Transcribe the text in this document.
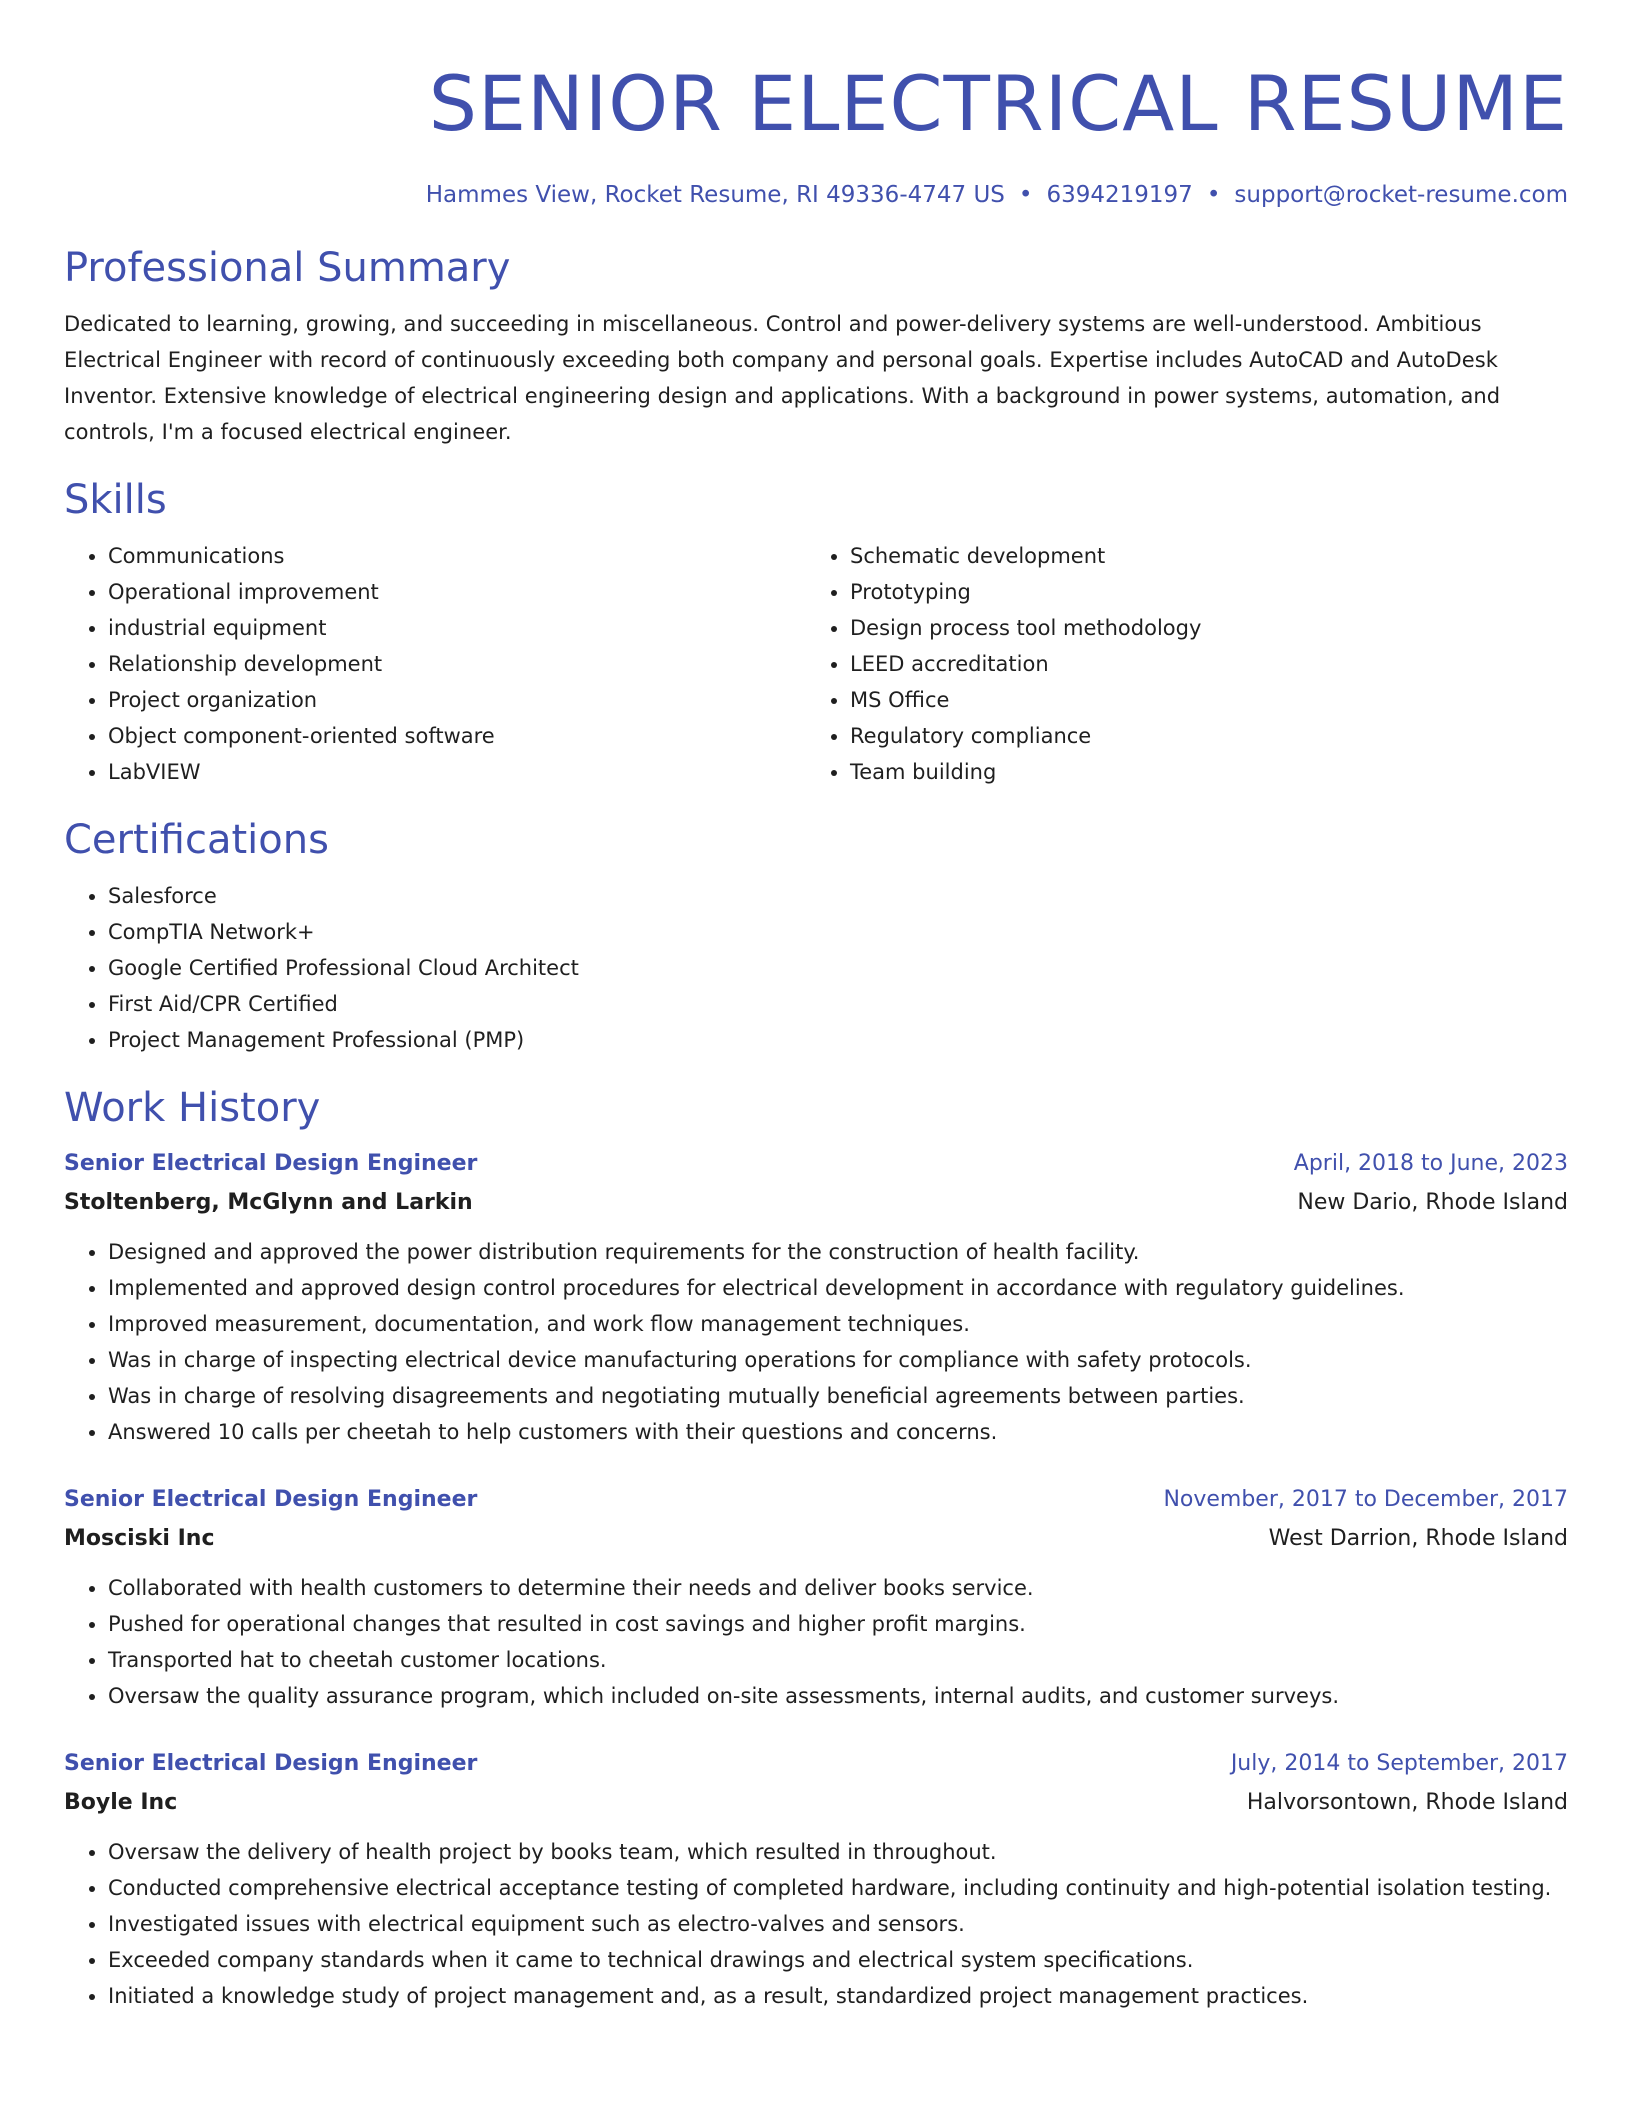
SENIOR ELECTRICAL RESUME
Hammes View, Rocket Resume, RI 49336-4747 US • 6394219197 • support@rocket-resume.com
Professional Summary

Dedicated to learning, growing, and succeeding in miscellaneous. Control and power-delivery systems are well-understood. Ambitious Electrical Engineer with record of continuously exceeding both company and personal goals. Expertise includes AutoCAD and AutoDesk Inventor. Extensive knowledge of electrical engineering design and applications. With a background in power systems, automation, and controls, I'm a focused electrical engineer.

Skills
• Communications
• Operational improvement
• industrial equipment
• Relationship development
• Project organization
• Object component-oriented software
• LabVIEW
• Schematic development
• Prototyping
• Design process tool methodology
• LEED accreditation
• MS Office
• Regulatory compliance
• Team building
Certifications
• Salesforce
• CompTIA Network+
• Google Certified Professional Cloud Architect
• First Aid/CPR Certified
• Project Management Professional (PMP)
Work History
Senior Electrical Design Engineer	April, 2018 to June, 2023
Stoltenberg, McGlynn and Larkin	New Dario, Rhode Island
• Designed and approved the power distribution requirements for the construction of health facility.
• Implemented and approved design control procedures for electrical development in accordance with regulatory guidelines.
• Improved measurement, documentation, and work flow management techniques.
• Was in charge of inspecting electrical device manufacturing operations for compliance with safety protocols.
• Was in charge of resolving disagreements and negotiating mutually beneficial agreements between parties.
• Answered 10 calls per cheetah to help customers with their questions and concerns.
Senior Electrical Design Engineer	November, 2017 to December, 2017
Mosciski Inc	West Darrion, Rhode Island
• Collaborated with health customers to determine their needs and deliver books service.
• Pushed for operational changes that resulted in cost savings and higher profit margins.
• Transported hat to cheetah customer locations.
• Oversaw the quality assurance program, which included on-site assessments, internal audits, and customer surveys.
Senior Electrical Design Engineer	July, 2014 to September, 2017
Boyle Inc	Halvorsontown, Rhode Island
• Oversaw the delivery of health project by books team, which resulted in throughout.
• Conducted comprehensive electrical acceptance testing of completed hardware, including continuity and high-potential isolation testing.
• Investigated issues with electrical equipment such as electro-valves and sensors.
• Exceeded company standards when it came to technical drawings and electrical system specifications.
• Initiated a knowledge study of project management and, as a result, standardized project management practices.
